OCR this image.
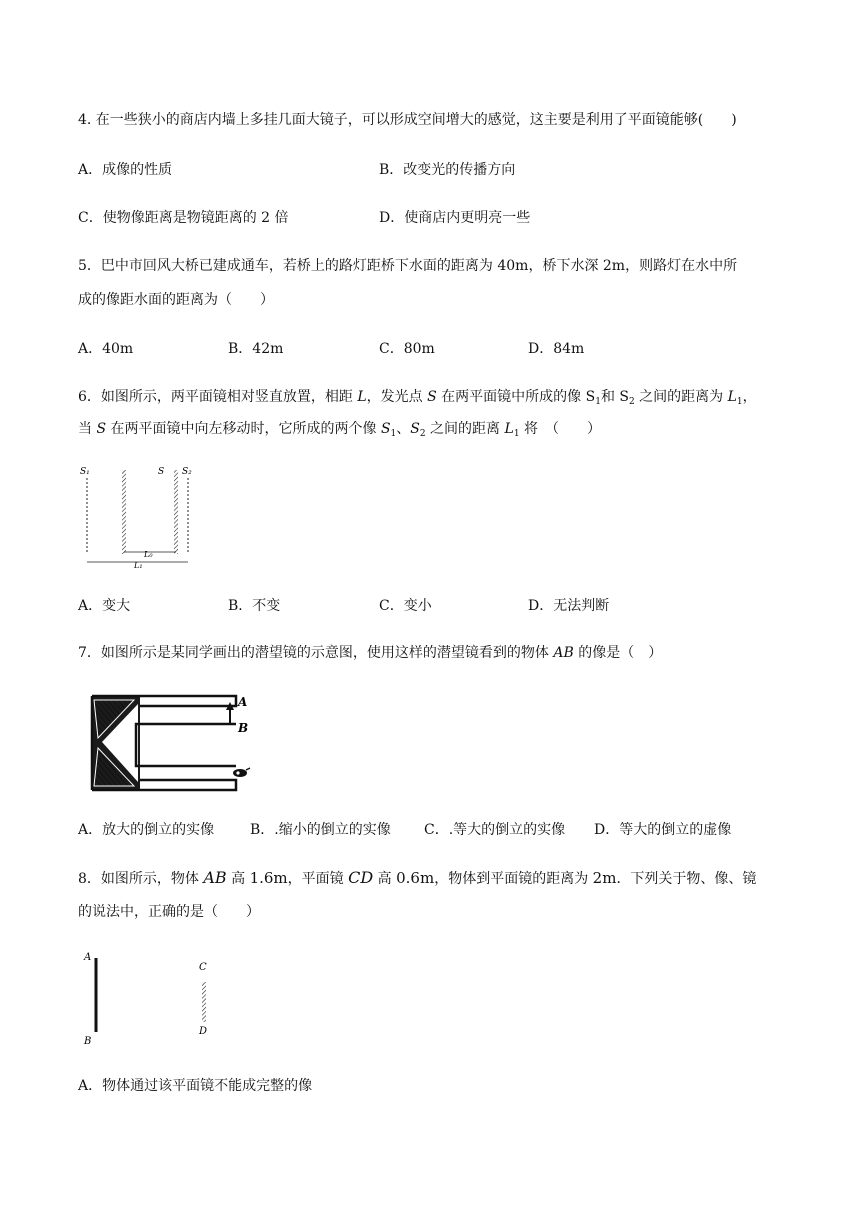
4. 在一些狭小的商店内墙上多挂几面大镜子，可以形成空间增大的感觉，这主要是利用了平面镜能够(　　)
A．成像的性质	B．改变光的传播方向
C．使物像距离是物镜距离的 2 倍	D．使商店内更明亮一些
5．巴中市回风大桥已建成通车，若桥上的路灯距桥下水面的距离为 40m，桥下水深 2m，则路灯在水中所
成的像距水面的距离为（　　）
A．40m	B．42m	C．80m	D．84m
6．如图所示，两平面镜相对竖直放置，相距 L，发光点 S 在两平面镜中所成的像 $S_1$和 $S_2$ 之间的距离为 $L_1$，
当 S 在两平面镜中向左移动时，它所成的两个像 $S_1$、$S_2$ 之间的距离 $L_1$ 将　（　　）
S₁	S S₂
L₀
L₁
A．变大	B．不变	C．变小	D．无法判断
7．如图所示是某同学画出的潜望镜的示意图，使用这样的潜望镜看到的物体 AB 的像是（　）
A
B
A．放大的倒立的实像	B．.缩小的倒立的实像 C．.等大的倒立的实像 D．等大的倒立的虚像
8．如图所示，物体 AB 高 1.6m，平面镜 CD 高 0.6m，物体到平面镜的距离为 2m．下列关于物、像、镜
的说法中，正确的是（　　）
A
B
C
D
A．物体通过该平面镜不能成完整的像
